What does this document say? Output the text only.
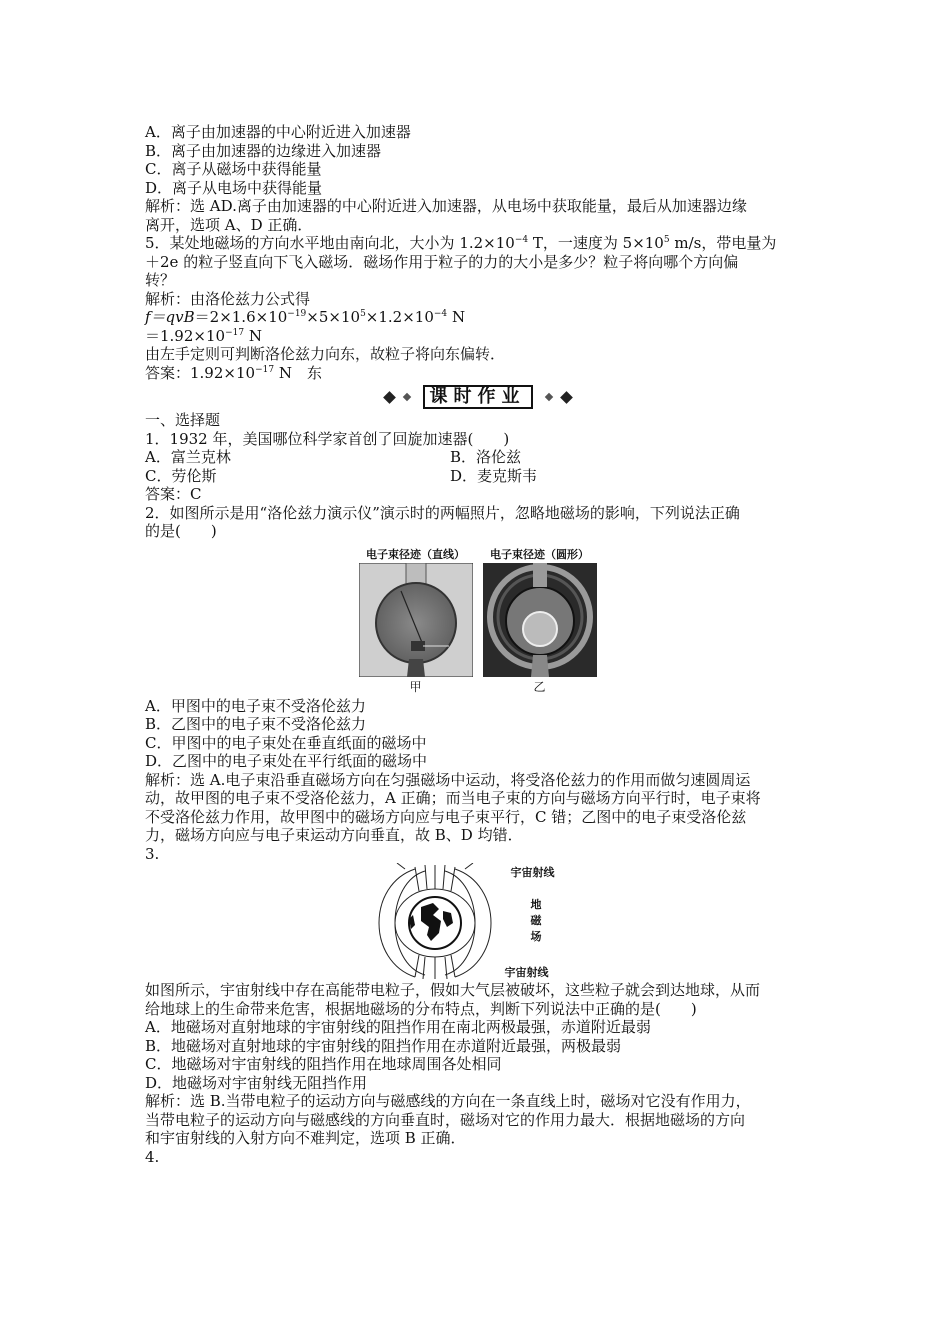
A．离子由加速器的中心附近进入加速器
B．离子由加速器的边缘进入加速器
C．离子从磁场中获得能量
D．离子从电场中获得能量
解析：选 AD.离子由加速器的中心附近进入加速器，从电场中获取能量，最后从加速器边缘
离开，选项 A、D 正确．
5．某处地磁场的方向水平地由南向北，大小为 $1.2\times 10^{-4}$ T，一速度为 $5\times 10^5$ m/s，带电量为
＋2e 的粒子竖直向下飞入磁场．磁场作用于粒子的力的大小是多少？粒子将向哪个方向偏
转？
解析：由洛伦兹力公式得
$f=qvB=2\times 1.6\times 10^{-19}\times 5\times 10^5\times 1.2\times 10^{-4}$ N
$=1.92\times 10^{-17}$ N
由左手定则可判断洛伦兹力向东，故粒子将向东偏转．
答案：$1.92\times 10^{-17}$ N　东
课时作业
一、选择题
1．1932 年，美国哪位科学家首创了回旋加速器(　　)
A．富兰克林	B．洛伦兹
C．劳伦斯	D．麦克斯韦
答案：C
2．如图所示是用“洛伦兹力演示仪”演示时的两幅照片，忽略地磁场的影响，下列说法正确
的是(　　)
电子束径迹（直线）
甲
电子束径迹（圆形）
乙
A．甲图中的电子束不受洛伦兹力
B．乙图中的电子束不受洛伦兹力
C．甲图中的电子束处在垂直纸面的磁场中
D．乙图中的电子束处在平行纸面的磁场中
解析：选 A.电子束沿垂直磁场方向在匀强磁场中运动，将受洛伦兹力的作用而做匀速圆周运
动，故甲图的电子束不受洛伦兹力，A 正确；而当电子束的方向与磁场方向平行时，电子束将
不受洛伦兹力作用，故甲图中的磁场方向应与电子束平行，C 错；乙图中的电子束受洛伦兹
力，磁场方向应与电子束运动方向垂直，故 B、D 均错．
3.
宇宙射线
地
磁
场
宇宙射线
如图所示，宇宙射线中存在高能带电粒子，假如大气层被破坏，这些粒子就会到达地球，从而
给地球上的生命带来危害，根据地磁场的分布特点，判断下列说法中正确的是(　　)
A．地磁场对直射地球的宇宙射线的阻挡作用在南北两极最强，赤道附近最弱
B．地磁场对直射地球的宇宙射线的阻挡作用在赤道附近最强，两极最弱
C．地磁场对宇宙射线的阻挡作用在地球周围各处相同
D．地磁场对宇宙射线无阻挡作用
解析：选 B.当带电粒子的运动方向与磁感线的方向在一条直线上时，磁场对它没有作用力，
当带电粒子的运动方向与磁感线的方向垂直时，磁场对它的作用力最大．根据地磁场的方向
和宇宙射线的入射方向不难判定，选项 B 正确．
4.
